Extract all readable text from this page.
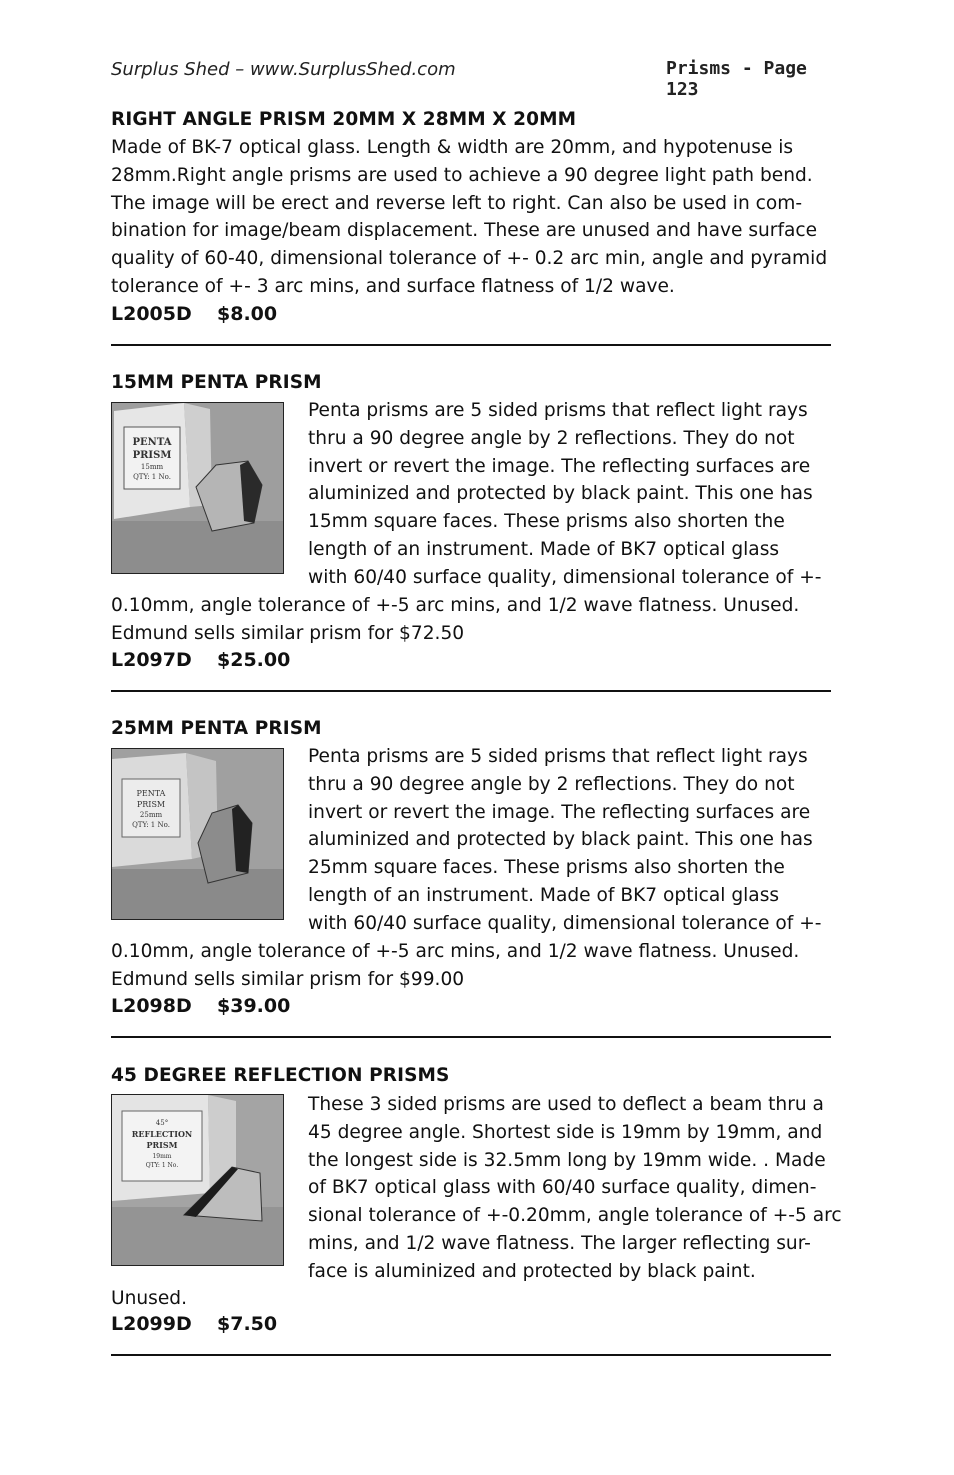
Surplus Shed – www.SurplusShed.com	Prisms - Page 123
RIGHT ANGLE PRISM 20MM X 28MM X 20MM
Made of BK-7 optical glass. Length & width are 20mm, and hypotenuse is
28mm.Right angle prisms are used to achieve a 90 degree light path bend.
The image will be erect and reverse left to right. Can also be used in com-
bination for image/beam displacement. These are unused and have surface
quality of 60-40, dimensional tolerance of +- 0.2 arc min, angle and pyramid
tolerance of +- 3 arc mins, and surface flatness of 1/2 wave.
L2005D $8.00
15MM PENTA PRISM
PENTA
PRISM
15mm
QTY: 1 No.
Penta prisms are 5 sided prisms that reflect light rays
thru a 90 degree angle by 2 reflections. They do not
invert or revert the image. The reflecting surfaces are
aluminized and protected by black paint. This one has
15mm square faces. These prisms also shorten the
length of an instrument. Made of BK7 optical glass
with 60/40 surface quality, dimensional tolerance of +-
0.10mm, angle tolerance of +-5 arc mins, and 1/2 wave flatness. Unused.
Edmund sells similar prism for $72.50
L2097D $25.00
25MM PENTA PRISM
PENTA
PRISM
25mm
QTY: 1 No.
Penta prisms are 5 sided prisms that reflect light rays
thru a 90 degree angle by 2 reflections. They do not
invert or revert the image. The reflecting surfaces are
aluminized and protected by black paint. This one has
25mm square faces. These prisms also shorten the
length of an instrument. Made of BK7 optical glass
with 60/40 surface quality, dimensional tolerance of +-
0.10mm, angle tolerance of +-5 arc mins, and 1/2 wave flatness. Unused.
Edmund sells similar prism for $99.00
L2098D $39.00
45 DEGREE REFLECTION PRISMS
45°
REFLECTION
PRISM
19mm
QTY: 1 No.
These 3 sided prisms are used to deflect a beam thru a
45 degree angle. Shortest side is 19mm by 19mm, and
the longest side is 32.5mm long by 19mm wide. . Made
of BK7 optical glass with 60/40 surface quality, dimen-
sional tolerance of +-0.20mm, angle tolerance of +-5 arc
mins, and 1/2 wave flatness. The larger reflecting sur-
face is aluminized and protected by black paint.
Unused.
L2099D $7.50
